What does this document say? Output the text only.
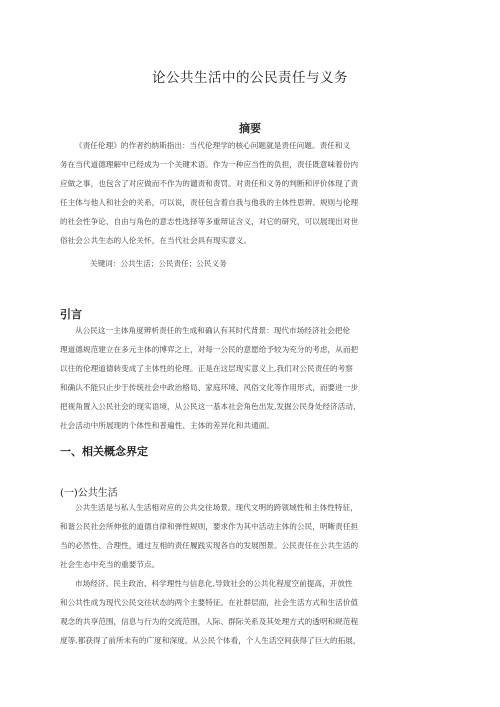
论公共生活中的公民责任与义务
摘要
《责任伦理》的作者约纳斯指出：当代伦理学的核心问题就是责任问题。责任和义
务在当代道德理解中已经成为一个关键术语。作为一种应当性的负担，责任既意味着份内
应做之事，也包含了对应做而不作为的谴责和责罚。对责任和义务的判断和评价体现了责
任主体与他人和社会的关系，可以说，责任包含着自我与他我的主体性思辨、规则与伦理
的社会性争论、自由与角色的意志性选择等多重辩证含义，对它的研究，可以展现出对世
俗社会公共生态的人伦关怀，在当代社会具有现实意义。
关键词：公共生活；公民责任；公民义务
引言
从公民这一主体角度辨析责任的生成和确认有其时代背景：现代市场经济社会把伦
理道德规范建立在多元主体的博弈之上，对每一公民的意愿给予较为充分的考虑，从而把
以往的伦理道德转变成了主体性的伦理。正是在这层现实意义上,我们对公民责任的考察
和确认不能只止步于传统社会中政治格局、家庭环境、风俗文化等作用形式，而要进一步
把视角置入公民社会的现实语境，从公民这一基本社会角色出发,发掘公民身处经济活动、
社会活动中所展现的个体性和普遍性、主体的差异化和共通面。
一、相关概念界定
(一)公共生活
公共生活是与私人生活相对应的公共交往场景。现代文明的跨领域性和主体性特征，
和谐公民社会所伸张的道德自律和弹性规则，要求作为其中活动主体的公民，明晰责任担
当的必然性、合理性，通过互相的责任履践实现各自的发展图景。公民责任在公共生活的
社会生态中充当的重要节点。
市场经济、民主政治、科学理性与信息化,导致社会的公共化程度空前提高，开放性
和公共性成为现代公民交往状态的两个主要特征。在社群层面，社会生活方式和生活价值
观念的共享范围，信息与行为的交流范围，人际、群际关系及其处理方式的透明和规范程
度等,都获得了前所未有的广度和深度。从公民个体看，个人生活空间获得了巨大的拓展，
